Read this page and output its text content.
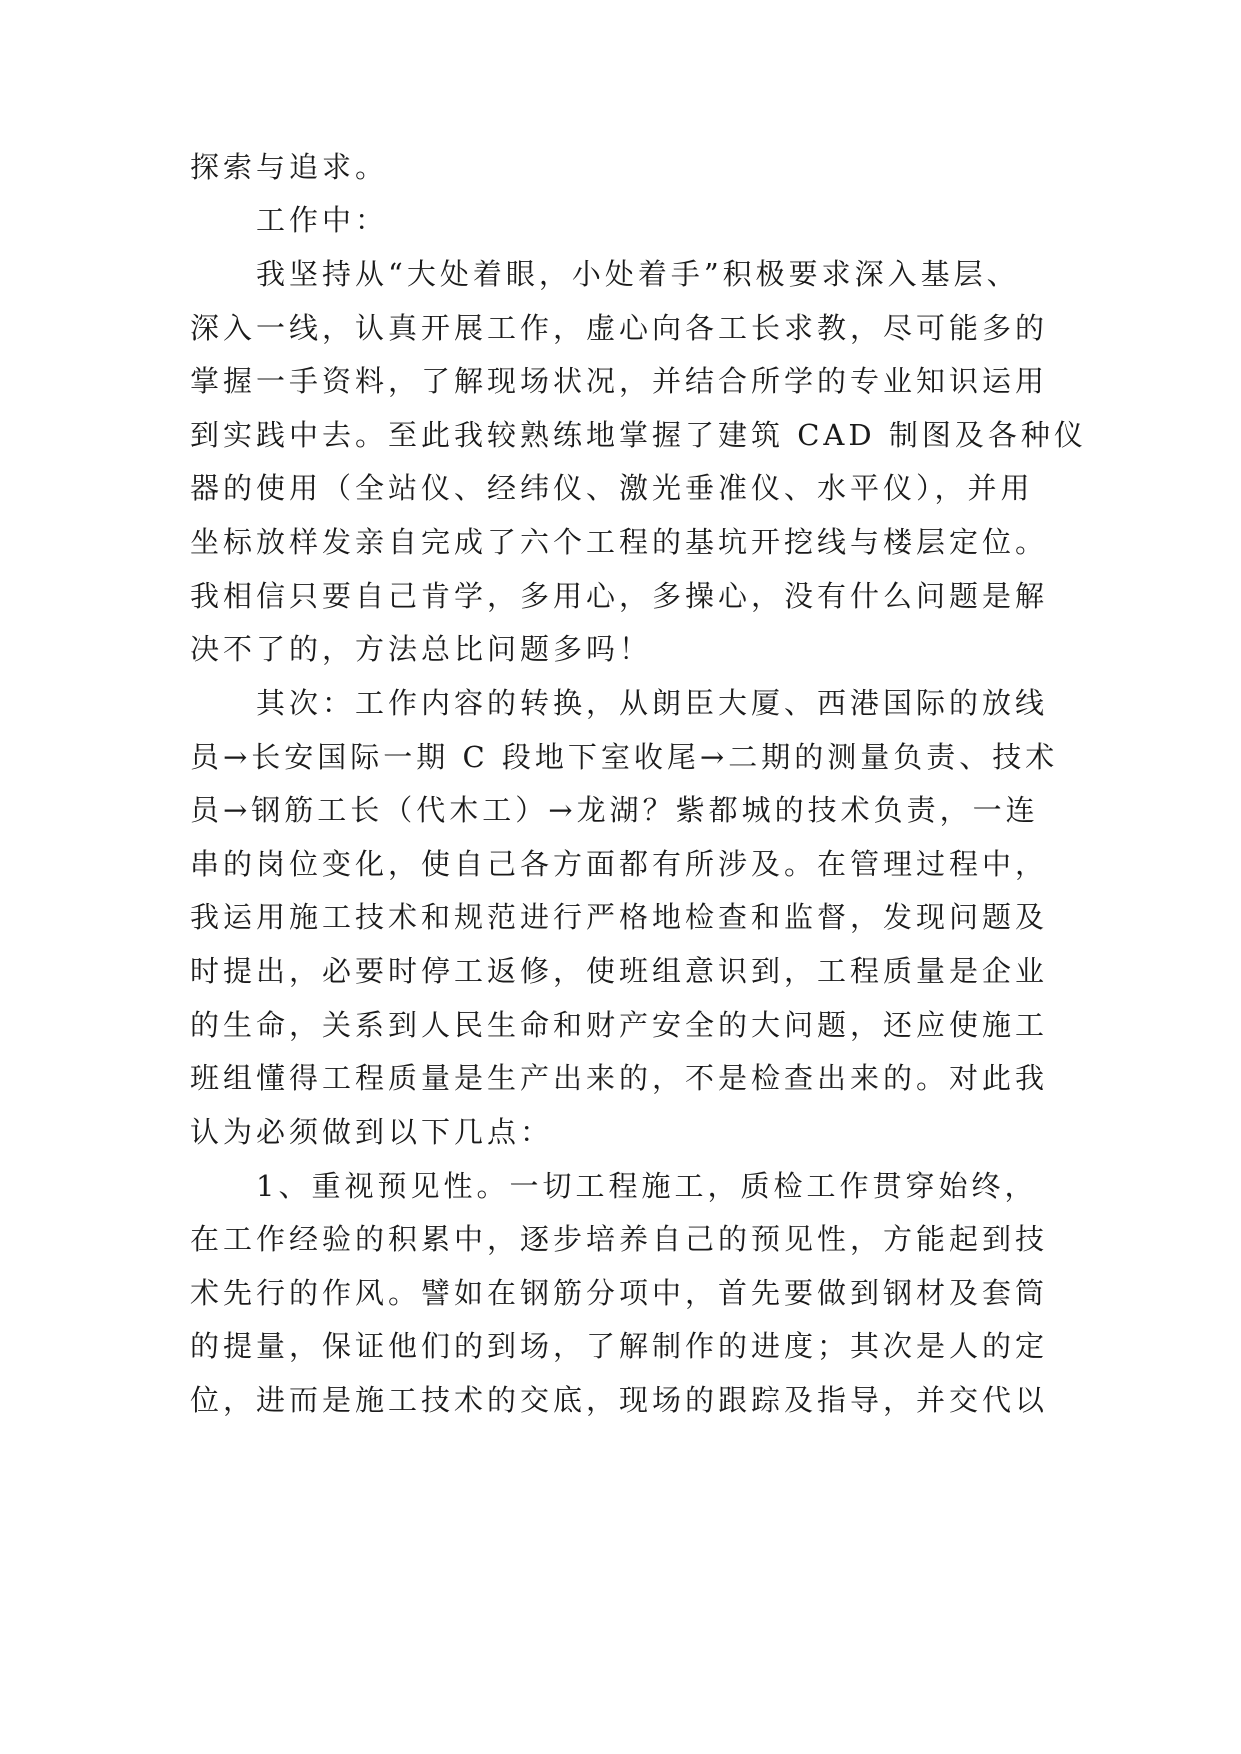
探索与追求。

工作中：

我坚持从“大处着眼，小处着手”积极要求深入基层、

深入一线，认真开展工作，虚心向各工长求教，尽可能多的

掌握一手资料，了解现场状况，并结合所学的专业知识运用

到实践中去。至此我较熟练地掌握了建筑 CAD 制图及各种仪

器的使用（全站仪、经纬仪、激光垂准仪、水平仪），并用

坐标放样发亲自完成了六个工程的基坑开挖线与楼层定位。

我相信只要自己肯学，多用心，多操心，没有什么问题是解

决不了的，方法总比问题多吗！

其次：工作内容的转换，从朗臣大厦、西港国际的放线

员→长安国际一期 C 段地下室收尾→二期的测量负责、技术

员→钢筋工长（代木工）→龙湖？紫都城的技术负责，一连

串的岗位变化，使自己各方面都有所涉及。在管理过程中，

我运用施工技术和规范进行严格地检查和监督，发现问题及

时提出，必要时停工返修，使班组意识到，工程质量是企业

的生命，关系到人民生命和财产安全的大问题，还应使施工

班组懂得工程质量是生产出来的，不是检查出来的。对此我

认为必须做到以下几点：

1、重视预见性。一切工程施工，质检工作贯穿始终，

在工作经验的积累中，逐步培养自己的预见性，方能起到技

术先行的作风。譬如在钢筋分项中，首先要做到钢材及套筒

的提量，保证他们的到场，了解制作的进度；其次是人的定

位，进而是施工技术的交底，现场的跟踪及指导，并交代以
